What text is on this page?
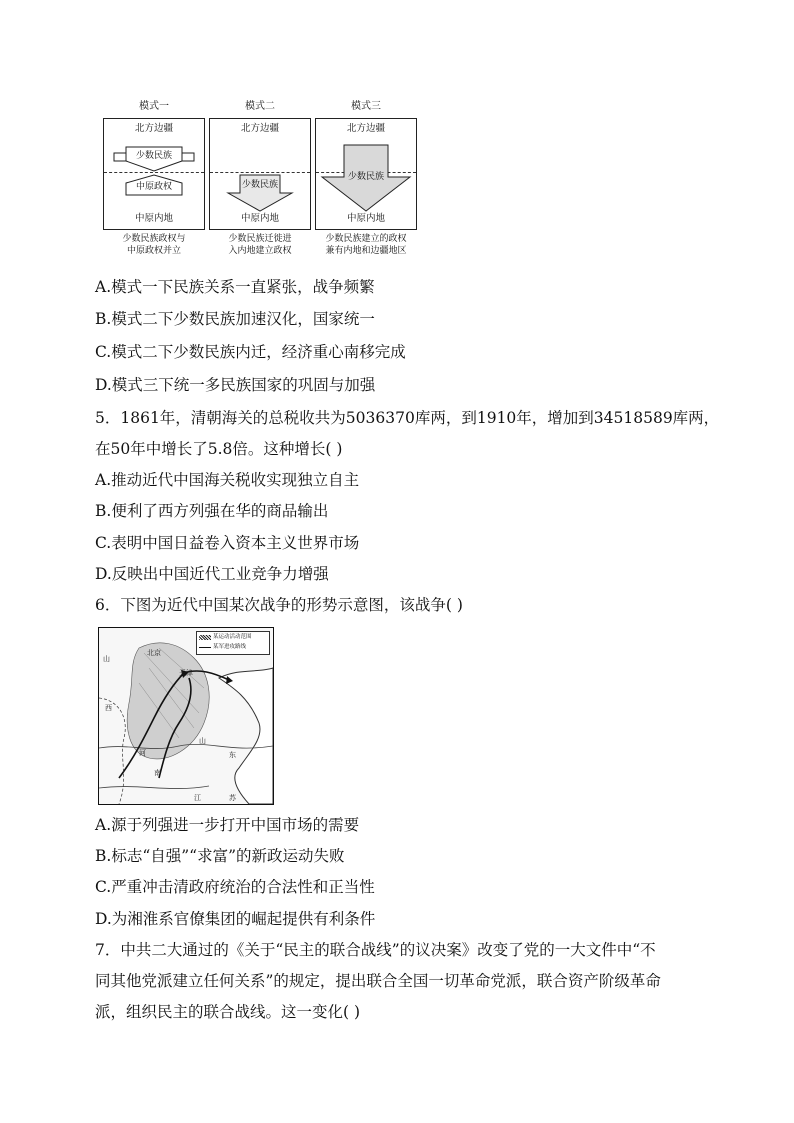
模式一
北方边疆
少数民族
中原政权
中原内地
少数民族政权与
中原政权并立
模式二
北方边疆
少数民族
中原内地
少数民族迁徙进
入内地建立政权
模式三
北方边疆
少数民族
中原内地
少数民族建立的政权
兼有内地和边疆地区
A.模式一下民族关系一直紧张，战争频繁
B.模式二下少数民族加速汉化，国家统一
C.模式二下少数民族内迁，经济重心南移完成
D.模式三下统一多民族国家的巩固与加强
5．1861年，清朝海关的总税收共为5036370库两，到1910年，增加到34518589库两，
在50年中增长了5.8倍。这种增长( )
A.推动近代中国海关税收实现独立自主
B.便利了西方列强在华的商品输出
C.表明中国日益卷入资本主义世界市场
D.反映出中国近代工业竞争力增强
6．下图为近代中国某次战争的形势示意图，该战争( )
某运动活动范围
某军进攻路线
山
北京
天津
西
山
东
江	苏
河
南
A.源于列强进一步打开中国市场的需要
B.标志“自强”“求富”的新政运动失败
C.严重冲击清政府统治的合法性和正当性
D.为湘淮系官僚集团的崛起提供有利条件
7．中共二大通过的《关于“民主的联合战线”的议决案》改变了党的一大文件中“不
同其他党派建立任何关系”的规定，提出联合全国一切革命党派，联合资产阶级革命
派，组织民主的联合战线。这一变化( )
